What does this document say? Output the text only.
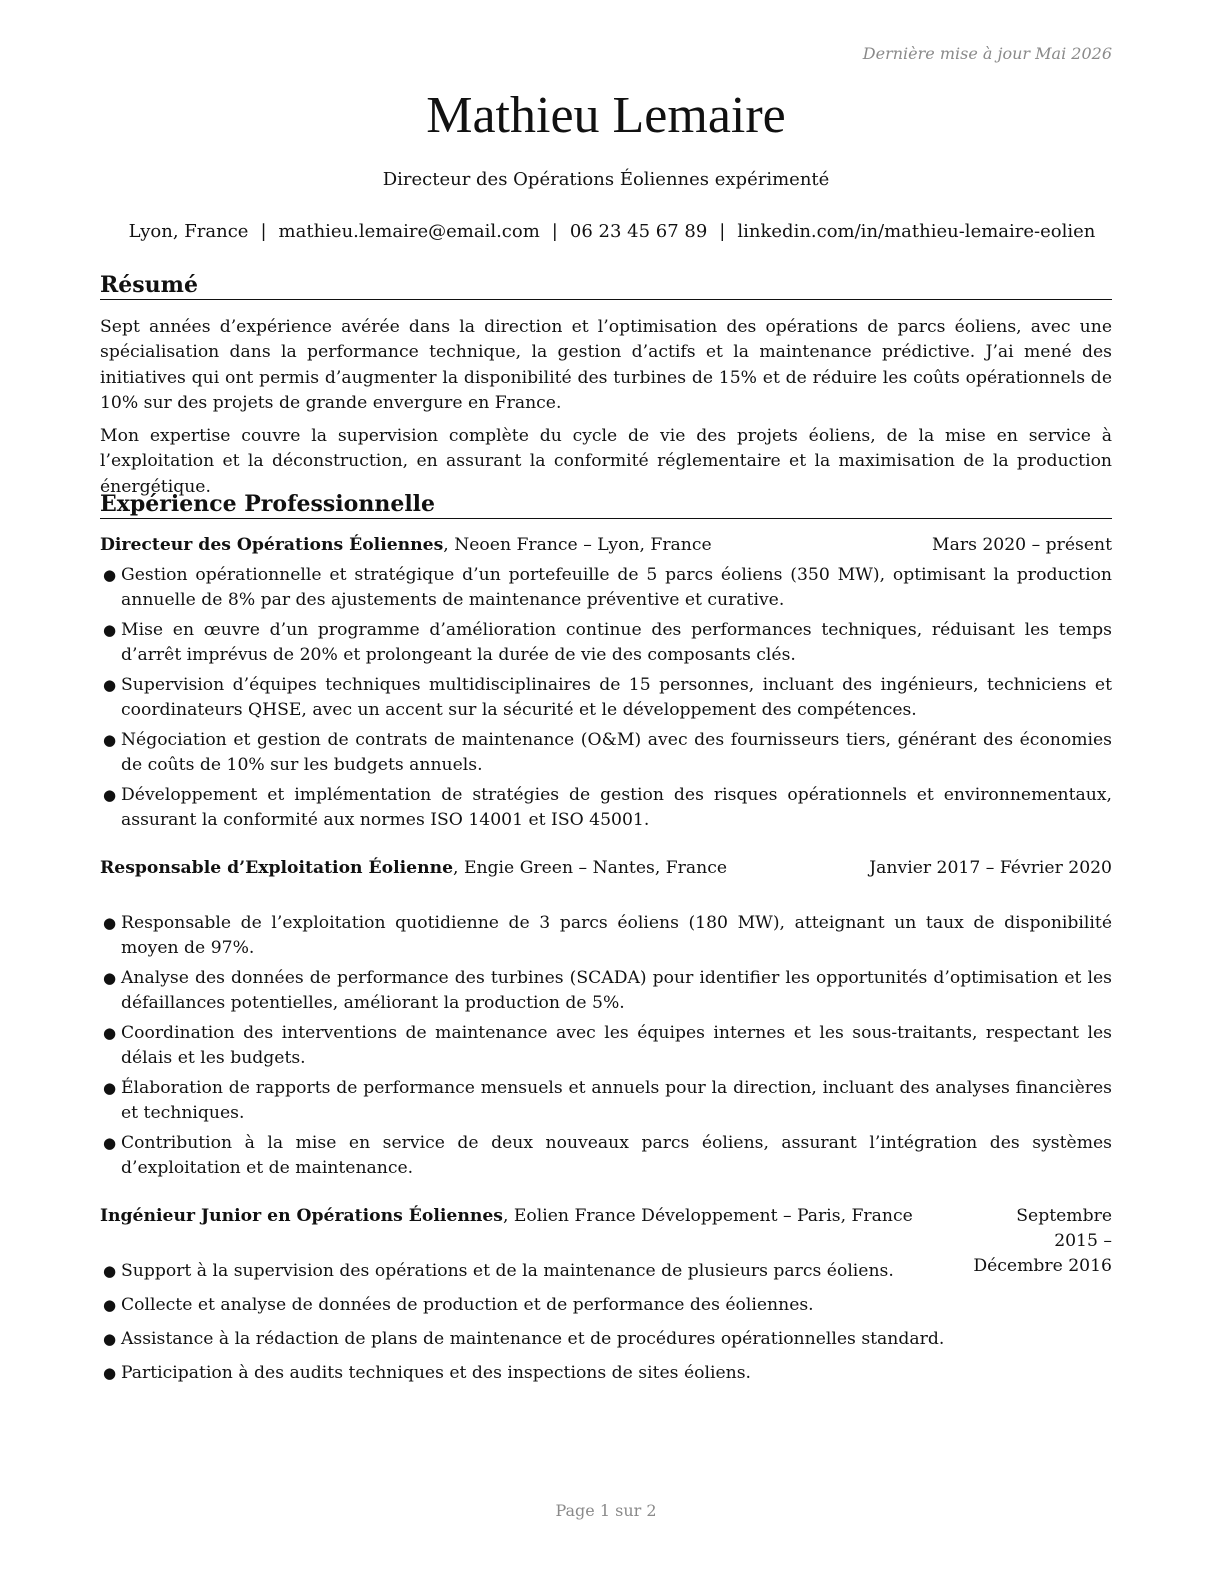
Dernière mise à jour Mai 2026
Mathieu Lemaire
Directeur des Opérations Éoliennes expérimenté
Lyon, France | mathieu.lemaire@email.com | 06 23 45 67 89 | linkedin.com/in/mathieu-lemaire-eolien
Résumé
Sept années d’expérience avérée dans la direction et l’optimisation des opérations de parcs éoliens, avec une spécialisation dans la performance technique, la gestion d’actifs et la maintenance prédictive. J’ai mené des initiatives qui ont permis d’augmenter la disponibilité des turbines de 15% et de réduire les coûts opérationnels de 10% sur des projets de grande envergure en France.
Mon expertise couvre la supervision complète du cycle de vie des projets éoliens, de la mise en service à l’exploitation et la déconstruction, en assurant la conformité réglementaire et la maximisation de la production énergétique.
Expérience Professionnelle
Directeur des Opérations Éoliennes, Neoen France – Lyon, France	Mars 2020 – présent
● Gestion opérationnelle et stratégique d’un portefeuille de 5 parcs éoliens (350 MW), optimisant la production annuelle de 8% par des ajustements de maintenance préventive et curative.
● Mise en œuvre d’un programme d’amélioration continue des performances techniques, réduisant les temps d’arrêt imprévus de 20% et prolongeant la durée de vie des composants clés.
● Supervision d’équipes techniques multidisciplinaires de 15 personnes, incluant des ingénieurs, techniciens et coordinateurs QHSE, avec un accent sur la sécurité et le développement des compétences.
● Négociation et gestion de contrats de maintenance (O&M) avec des fournisseurs tiers, générant des économies de coûts de 10% sur les budgets annuels.
● Développement et implémentation de stratégies de gestion des risques opérationnels et environnementaux, assurant la conformité aux normes ISO 14001 et ISO 45001.
Responsable d’Exploitation Éolienne, Engie Green – Nantes, France	Janvier 2017 – Février 2020
● Responsable de l’exploitation quotidienne de 3 parcs éoliens (180 MW), atteignant un taux de disponibilité moyen de 97%.
● Analyse des données de performance des turbines (SCADA) pour identifier les opportunités d’optimisation et les défaillances potentielles, améliorant la production de 5%.
● Coordination des interventions de maintenance avec les équipes internes et les sous-traitants, respectant les délais et les budgets.
● Élaboration de rapports de performance mensuels et annuels pour la direction, incluant des analyses financières et techniques.
● Contribution à la mise en service de deux nouveaux parcs éoliens, assurant l’intégration des systèmes d’exploitation et de maintenance.
Ingénieur Junior en Opérations Éoliennes, Eolien France Développement – Paris, France	Septembre 2015 – Décembre 2016
● Support à la supervision des opérations et de la maintenance de plusieurs parcs éoliens.
● Collecte et analyse de données de production et de performance des éoliennes.
● Assistance à la rédaction de plans de maintenance et de procédures opérationnelles standard.
● Participation à des audits techniques et des inspections de sites éoliens.
Page 1 sur 2
